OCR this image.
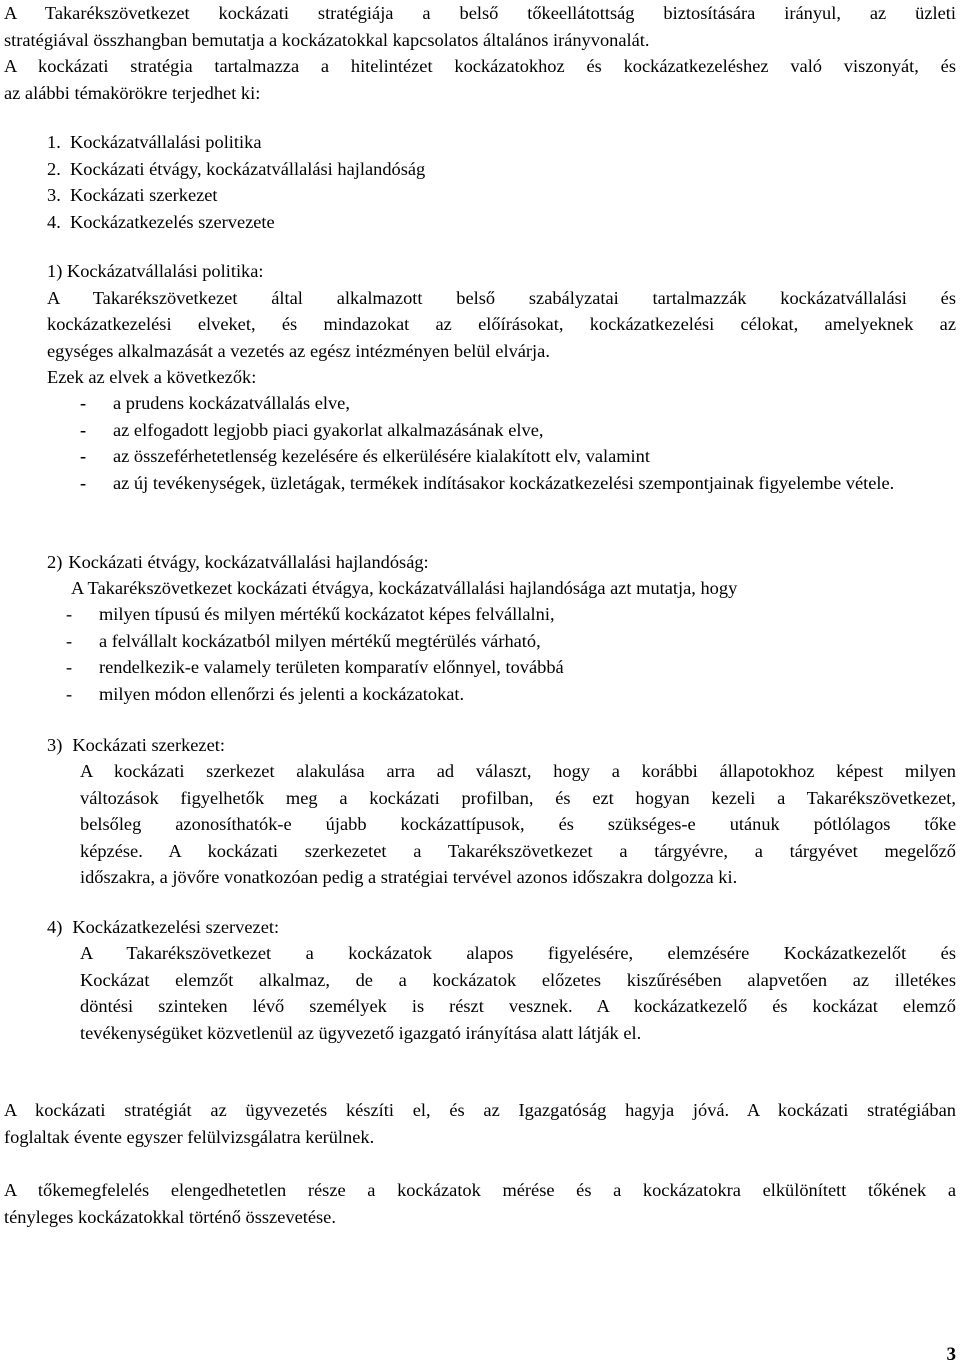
A Takarékszövetkezet kockázati stratégiája a belső tőkeellátottság biztosítására irányul, az üzleti
stratégiával összhangban bemutatja a kockázatokkal kapcsolatos általános irányvonalát.
A kockázati stratégia tartalmazza a hitelintézet kockázatokhoz és kockázatkezeléshez való viszonyát, és
az alábbi témakörökre terjedhet ki:
1. Kockázatvállalási politika
2. Kockázati étvágy, kockázatvállalási hajlandóság
3. Kockázati szerkezet
4. Kockázatkezelés szervezete
1) Kockázatvállalási politika:
A Takarékszövetkezet által alkalmazott belső szabályzatai tartalmazzák kockázatvállalási és
kockázatkezelési elveket, és mindazokat az előírásokat, kockázatkezelési célokat, amelyeknek az
egységes alkalmazását a vezetés az egész intézményen belül elvárja.
Ezek az elvek a következők:
-	a prudens kockázatvállalás elve,
-	az elfogadott legjobb piaci gyakorlat alkalmazásának elve,
-	az összeférhetetlenség kezelésére és elkerülésére kialakított elv, valamint
-	az új tevékenységek, üzletágak, termékek indításakor kockázatkezelési szempontjainak figyelembe vétele.
2) Kockázati étvágy, kockázatvállalási hajlandóság:
A Takarékszövetkezet kockázati étvágya, kockázatvállalási hajlandósága azt mutatja, hogy
-	milyen típusú és milyen mértékű kockázatot képes felvállalni,
-	a felvállalt kockázatból milyen mértékű megtérülés várható,
-	rendelkezik-e valamely területen komparatív előnnyel, továbbá
-	milyen módon ellenőrzi és jelenti a kockázatokat.
3) Kockázati szerkezet:
A kockázati szerkezet alakulása arra ad választ, hogy a korábbi állapotokhoz képest milyen
változások figyelhetők meg a kockázati profilban, és ezt hogyan kezeli a Takarékszövetkezet,
belsőleg azonosíthatók-e újabb kockázattípusok, és szükséges-e utánuk pótlólagos tőke
képzése. A kockázati szerkezetet a Takarékszövetkezet a tárgyévre, a tárgyévet megelőző
időszakra, a jövőre vonatkozóan pedig a stratégiai tervével azonos időszakra dolgozza ki.
4) Kockázatkezelési szervezet:
A Takarékszövetkezet a kockázatok alapos figyelésére, elemzésére Kockázatkezelőt és
Kockázat elemzőt alkalmaz, de a kockázatok előzetes kiszűrésében alapvetően az illetékes
döntési szinteken lévő személyek is részt vesznek. A kockázatkezelő és kockázat elemző
tevékenységüket közvetlenül az ügyvezető igazgató irányítása alatt látják el.
A kockázati stratégiát az ügyvezetés készíti el, és az Igazgatóság hagyja jóvá. A kockázati stratégiában
foglaltak évente egyszer felülvizsgálatra kerülnek.
A tőkemegfelelés elengedhetetlen része a kockázatok mérése és a kockázatokra elkülönített tőkének a
tényleges kockázatokkal történő összevetése.
3
